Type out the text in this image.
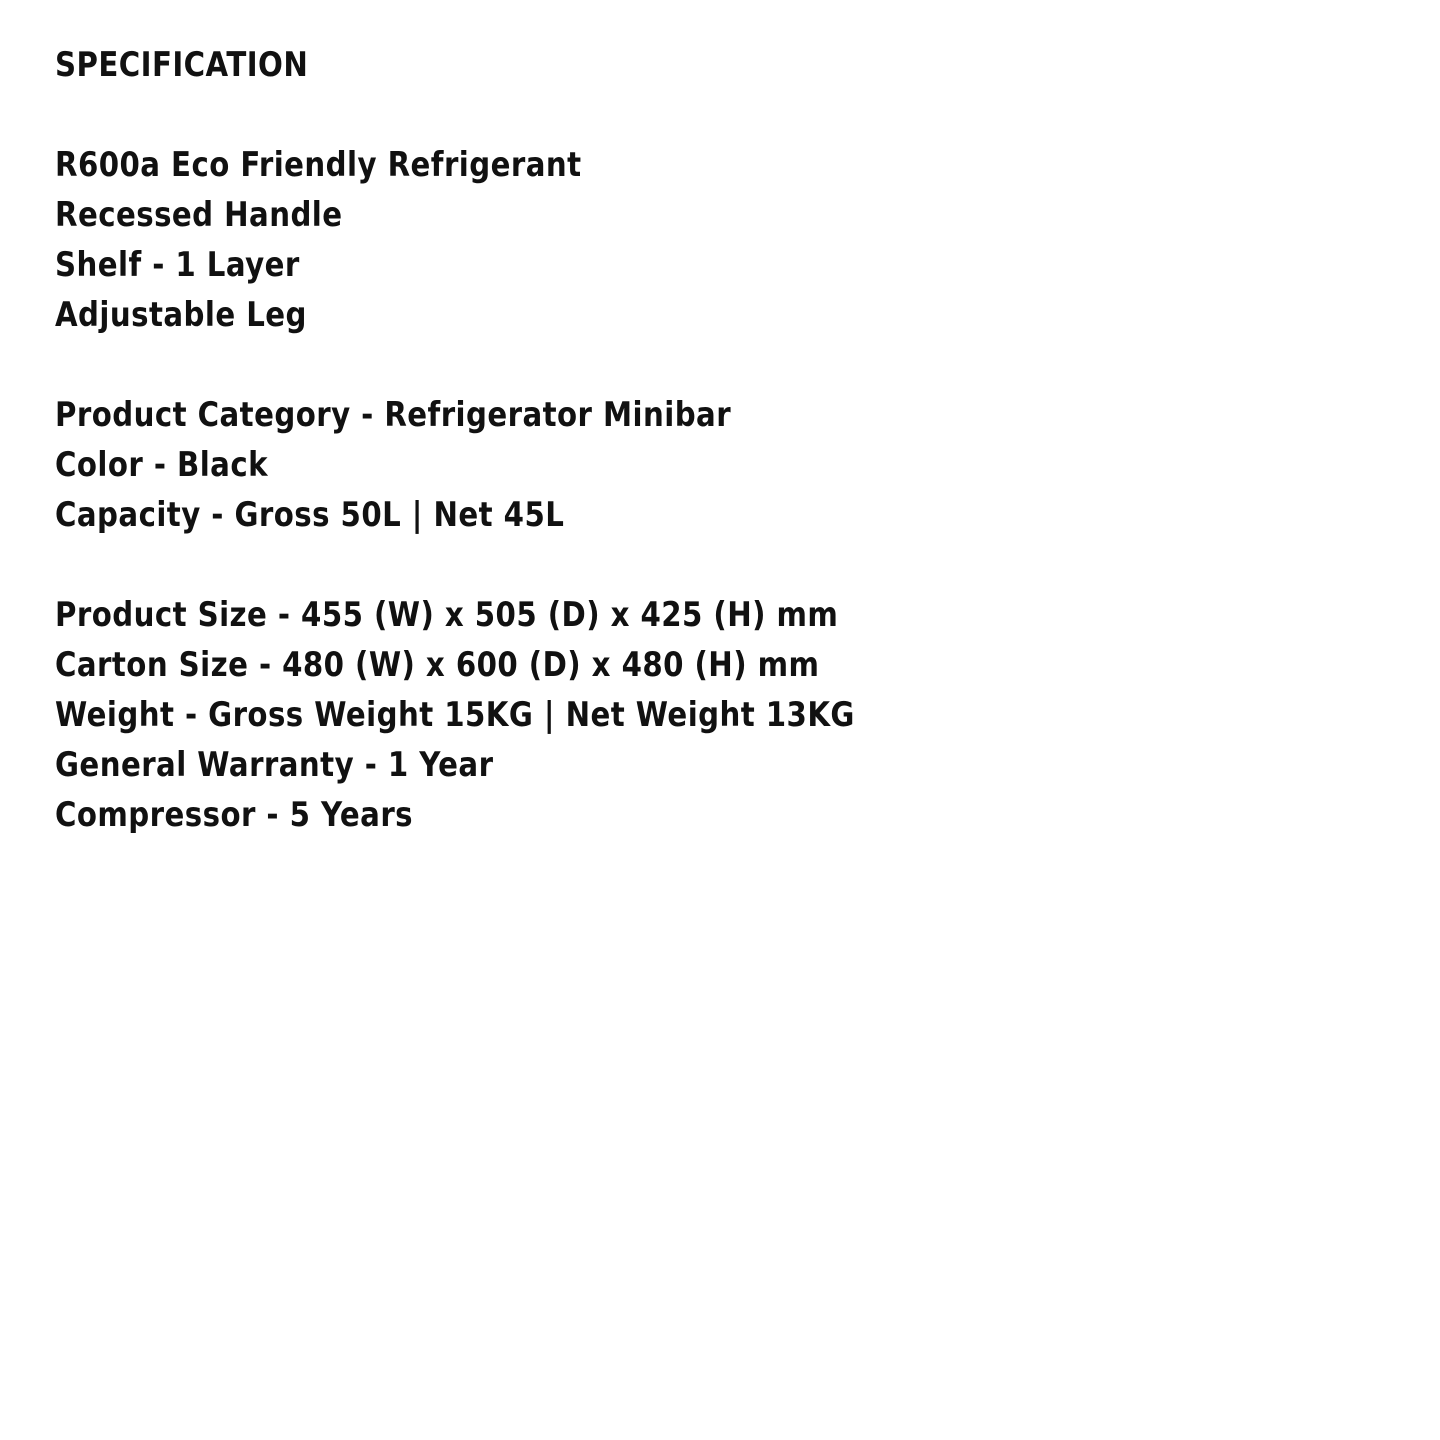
SPECIFICATION
R600a Eco Friendly Refrigerant
Recessed Handle
Shelf - 1 Layer
Adjustable Leg
Product Category - Refrigerator Minibar
Color - Black
Capacity - Gross 50L | Net 45L
Product Size - 455 (W) x 505 (D) x 425 (H) mm
Carton Size - 480 (W) x 600 (D) x 480 (H) mm
Weight - Gross Weight 15KG | Net Weight 13KG
General Warranty - 1 Year
Compressor - 5 Years
